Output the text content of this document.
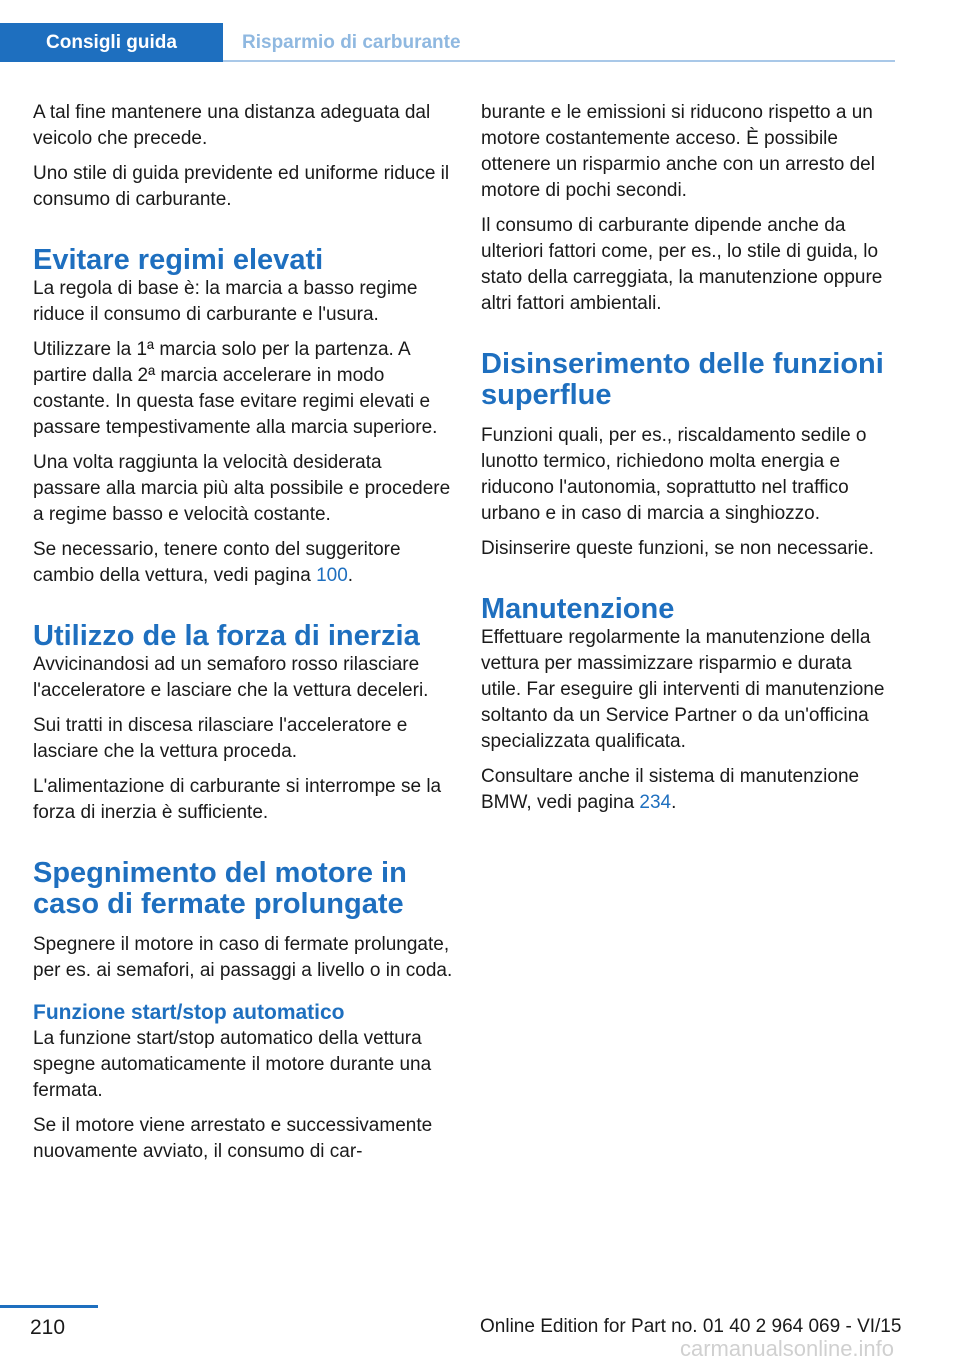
Consigli guida	Risparmio di carburante

A tal fine mantenere una distanza adeguata dal veicolo che precede.

Uno stile di guida previdente ed uniforme riduce il consumo di carburante.

Evitare regimi elevati

La regola di base è: la marcia a basso regime riduce il consumo di carburante e l'usura.

Utilizzare la 1ª marcia solo per la partenza. A partire dalla 2ª marcia accelerare in modo costante. In questa fase evitare regimi elevati e passare tempestivamente alla marcia superiore.

Una volta raggiunta la velocità desiderata passare alla marcia più alta possibile e procedere a regime basso e velocità costante.

Se necessario, tenere conto del suggeritore cambio della vettura, vedi pagina 100.

Utilizzo de la forza di inerzia

Avvicinandosi ad un semaforo rosso rilasciare l'acceleratore e lasciare che la vettura deceleri.

Sui tratti in discesa rilasciare l'acceleratore e lasciare che la vettura proceda.

L'alimentazione di carburante si interrompe se la forza di inerzia è sufficiente.

Spegnimento del motore in caso di fermate prolungate

Spegnere il motore in caso di fermate prolungate, per es. ai semafori, ai passaggi a livello o in coda.

Funzione start/stop automatico

La funzione start/stop automatico della vettura spegne automaticamente il motore durante una fermata.

Se il motore viene arrestato e successivamente nuovamente avviato, il consumo di car-

burante e le emissioni si riducono rispetto a un motore costantemente acceso. È possibile ottenere un risparmio anche con un arresto del motore di pochi secondi.

Il consumo di carburante dipende anche da ulteriori fattori come, per es., lo stile di guida, lo stato della carreggiata, la manutenzione oppure altri fattori ambientali.

Disinserimento delle funzioni superflue

Funzioni quali, per es., riscaldamento sedile o lunotto termico, richiedono molta energia e riducono l'autonomia, soprattutto nel traffico urbano e in caso di marcia a singhiozzo.

Disinserire queste funzioni, se non necessarie.

Manutenzione

Effettuare regolarmente la manutenzione della vettura per massimizzare risparmio e durata utile. Far eseguire gli interventi di manutenzione soltanto da un Service Partner o da un'officina specializzata qualificata.

Consultare anche il sistema di manutenzione BMW, vedi pagina 234.

210	Online Edition for Part no. 01 40 2 964 069 - VI/15
carmanualsonline.info
